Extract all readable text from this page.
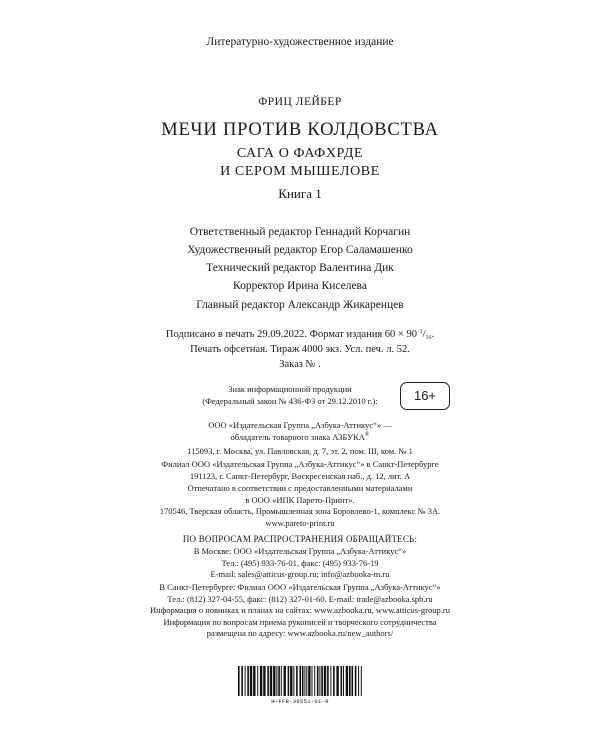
Литературно-художественное издание
ФРИЦ ЛЕЙБЕР
МЕЧИ ПРОТИВ КОЛДОВСТВА
САГА О ФАФХРДЕ
И СЕРОМ МЫШЕЛОВЕ
Книга 1
Ответственный редактор Геннадий Корчагин
Художественный редактор Егор Саламашенко
Технический редактор Валентина Дик
Корректор Ирина Киселева
Главный редактор Александр Жикаренцев
Подписано в печать 29.09.2022. Формат издания 60 × 90 $^1/_{16}$.
Печать офсетная. Тираж 4000 экз. Усл. печ. л. 52.
Заказ № .
Знак информационной продукции
(Федеральный закон № 436-ФЗ от 29.12.2010 г.):	16+
ООО «Издательская Группа „Азбука-Аттикус“» —
обладатель товарного знака АЗБУКА®
115093, г. Москва, ул. Павловская, д. 7, эт. 2, пом. III, ком. № 1
Филиал ООО «Издательская Группа „Азбука-Аттикус“» в Санкт-Петербурге
191123, г. Санкт-Петербург, Воскресенская наб., д. 12, лит. А
Отпечатано в соответствии с предоставленными материалами
в ООО «ИПК Парето-Принт».
170546, Тверская область, Промышленная зона Боровлево-1, комплекс № 3А.
www.pareto-print.ru
ПО ВОПРОСАМ РАСПРОСТРАНЕНИЯ ОБРАЩАЙТЕСЬ:
В Москве: ООО «Издательская Группа „Азбука-Аттикус“»
Тел.: (495) 933-76-01, факс: (495) 933-76-19
E-mail: sales@atticus-group.ru; info@azbooka-m.ru
В Санкт-Петербурге: Филиал ООО «Издательская Группа „Азбука-Аттикус“»
Тел.: (812) 327-04-55, факс: (812) 327-01-60. E-mail: trade@azbooka.spb.ru
Информация о новинках и планах на сайтах: www.azbooka.ru, www.atticus-group.ru
Информация по вопросам приема рукописей и творческого сотрудничества
размещена по адресу: www.azbooka.ru/new_authors/
Н-FFB-38551-01-R
